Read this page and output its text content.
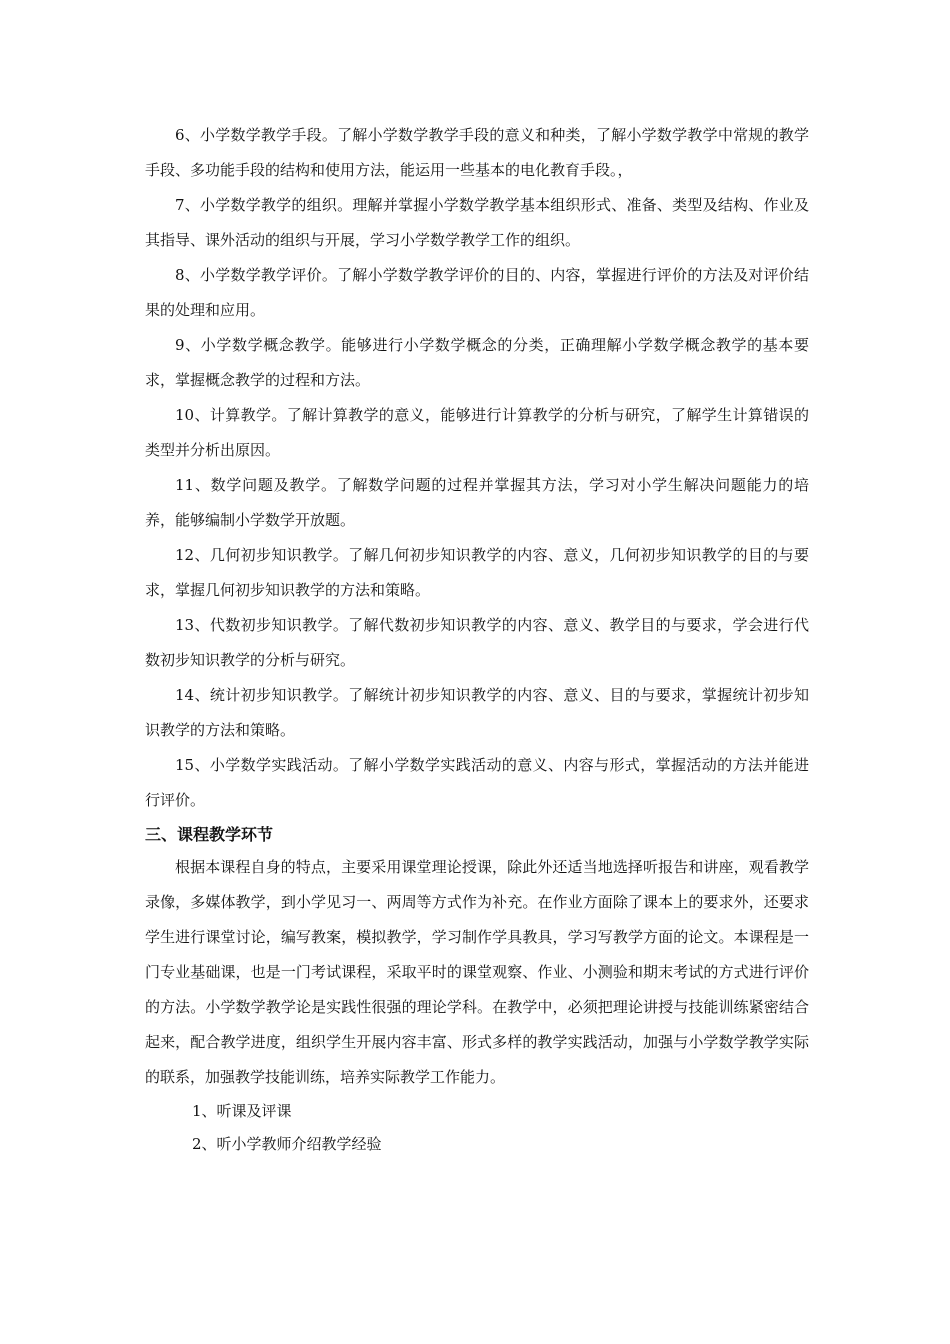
6、小学数学教学手段。了解小学数学教学手段的意义和种类，了解小学数学教学中常规的教学手段、多功能手段的结构和使用方法，能运用一些基本的电化教育手段。，

7、小学数学教学的组织。理解并掌握小学数学教学基本组织形式、准备、类型及结构、作业及其指导、课外活动的组织与开展，学习小学数学教学工作的组织。

8、小学数学教学评价。了解小学数学教学评价的目的、内容，掌握进行评价的方法及对评价结果的处理和应用。

9、小学数学概念教学。能够进行小学数学概念的分类，正确理解小学数学概念教学的基本要求，掌握概念教学的过程和方法。

10、计算教学。了解计算教学的意义，能够进行计算教学的分析与研究，了解学生计算错误的类型并分析出原因。

11、数学问题及教学。了解数学问题的过程并掌握其方法，学习对小学生解决问题能力的培养，能够编制小学数学开放题。

12、几何初步知识教学。了解几何初步知识教学的内容、意义，几何初步知识教学的目的与要求，掌握几何初步知识教学的方法和策略。

13、代数初步知识教学。了解代数初步知识教学的内容、意义、教学目的与要求，学会进行代数初步知识教学的分析与研究。

14、统计初步知识教学。了解统计初步知识教学的内容、意义、目的与要求，掌握统计初步知识教学的方法和策略。

15、小学数学实践活动。了解小学数学实践活动的意义、内容与形式，掌握活动的方法并能进行评价。

三、课程教学环节

根据本课程自身的特点，主要采用课堂理论授课，除此外还适当地选择听报告和讲座，观看教学录像，多媒体教学，到小学见习一、两周等方式作为补充。在作业方面除了课本上的要求外，还要求学生进行课堂讨论，编写教案，模拟教学，学习制作学具教具，学习写教学方面的论文。本课程是一门专业基础课，也是一门考试课程，采取平时的课堂观察、作业、小测验和期末考试的方式进行评价的方法。小学数学教学论是实践性很强的理论学科。在教学中，必须把理论讲授与技能训练紧密结合起来，配合教学进度，组织学生开展内容丰富、形式多样的教学实践活动，加强与小学数学教学实际的联系，加强教学技能训练，培养实际教学工作能力。

1、听课及评课

2、听小学教师介绍教学经验
